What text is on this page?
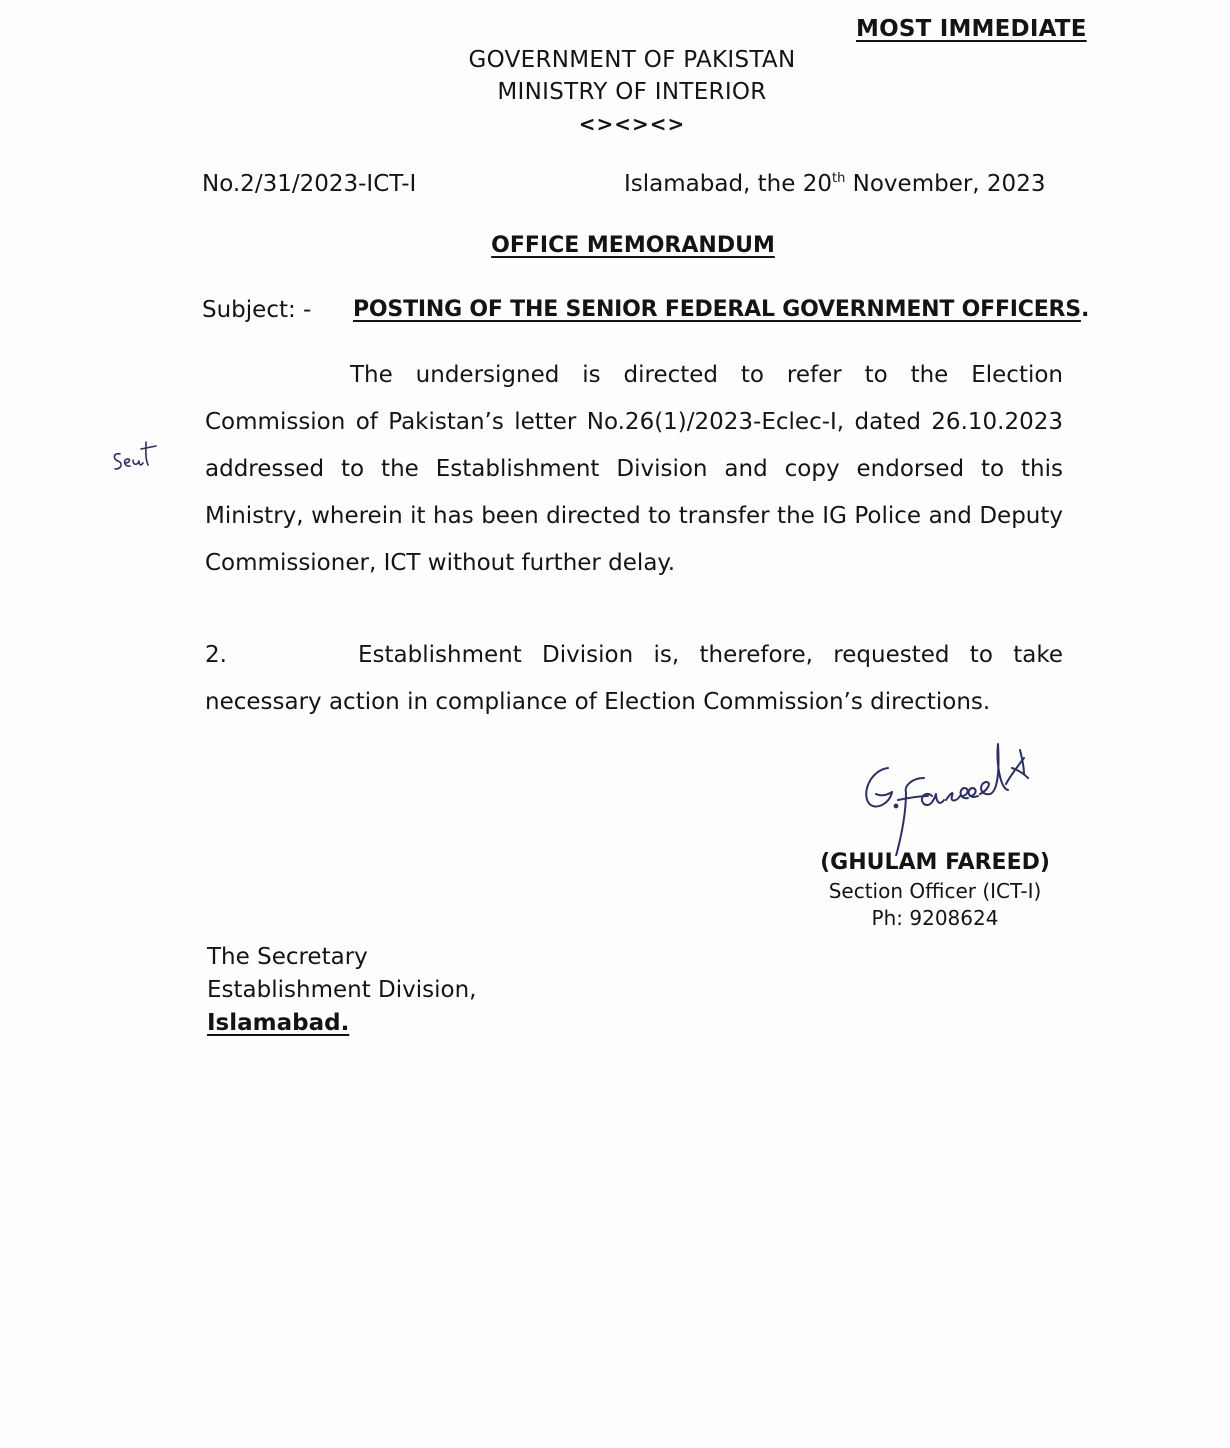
MOST IMMEDIATE
GOVERNMENT OF PAKISTAN
MINISTRY OF INTERIOR
<><><>
No.2/31/2023-ICT-I	Islamabad, the 20th November, 2023
OFFICE MEMORANDUM
Subject: - POSTING OF THE SENIOR FEDERAL GOVERNMENT OFFICERS.
The undersigned is directed to refer to the Election Commission of Pakistan’s letter No.26(1)/2023-Eclec-I, dated 26.10.2023 addressed to the Establishment Division and copy endorsed to this Ministry, wherein it has been directed to transfer the IG Police and Deputy Commissioner, ICT without further delay.
2.	Establishment Division is, therefore, requested to take necessary action in compliance of Election Commission’s directions.
(GHULAM FAREED)
Section Officer (ICT-I)
Ph: 9208624
The Secretary
Establishment Division,
Islamabad.
